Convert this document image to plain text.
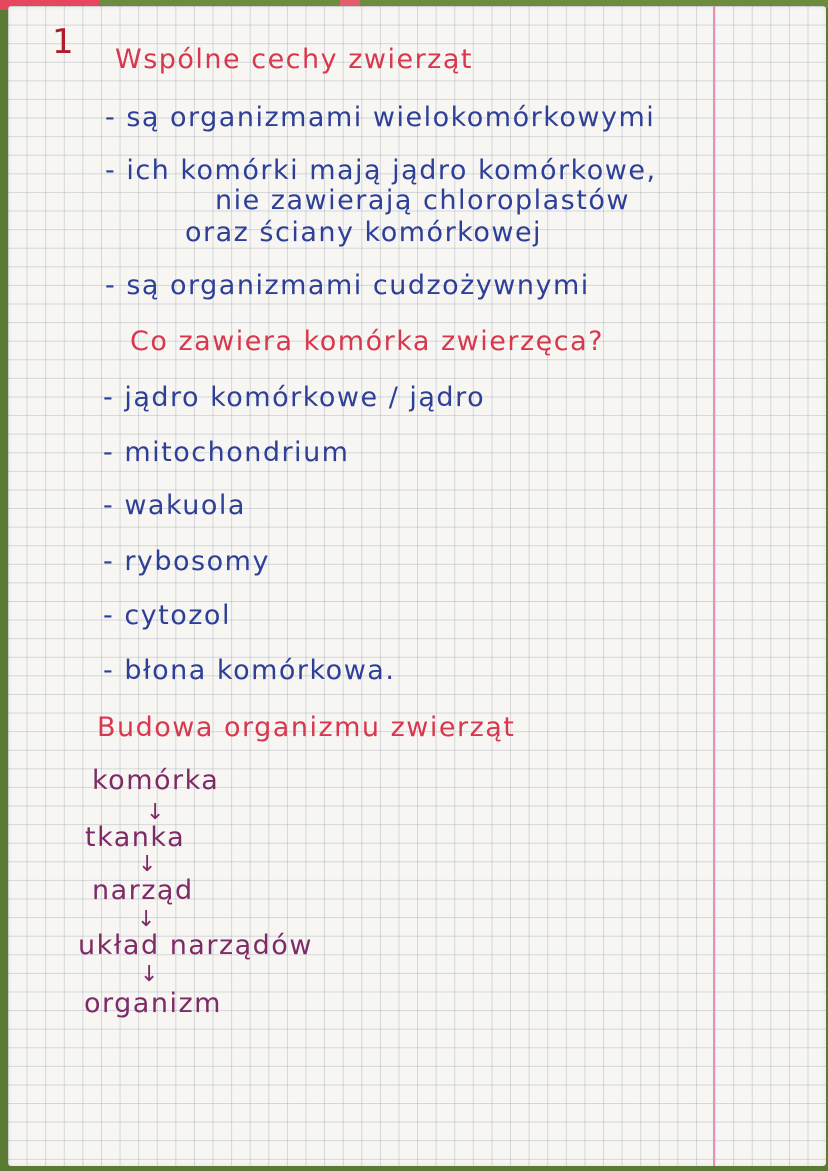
1 Wspólne cechy zwierząt
- są organizmami wielokomórkowymi
- ich komórki mają jądro komórkowe,
nie zawierają chloroplastów
oraz ściany komórkowej
- są organizmami cudzożywnymi
Co zawiera komórka zwierzęca?
- jądro komórkowe / jądro
- mitochondrium
- wakuola
- rybosomy
- cytozol
- błona komórkowa.
Budowa organizmu zwierząt
komórka
↓
tkanka
↓
narząd
↓
układ narządów
↓
organizm
